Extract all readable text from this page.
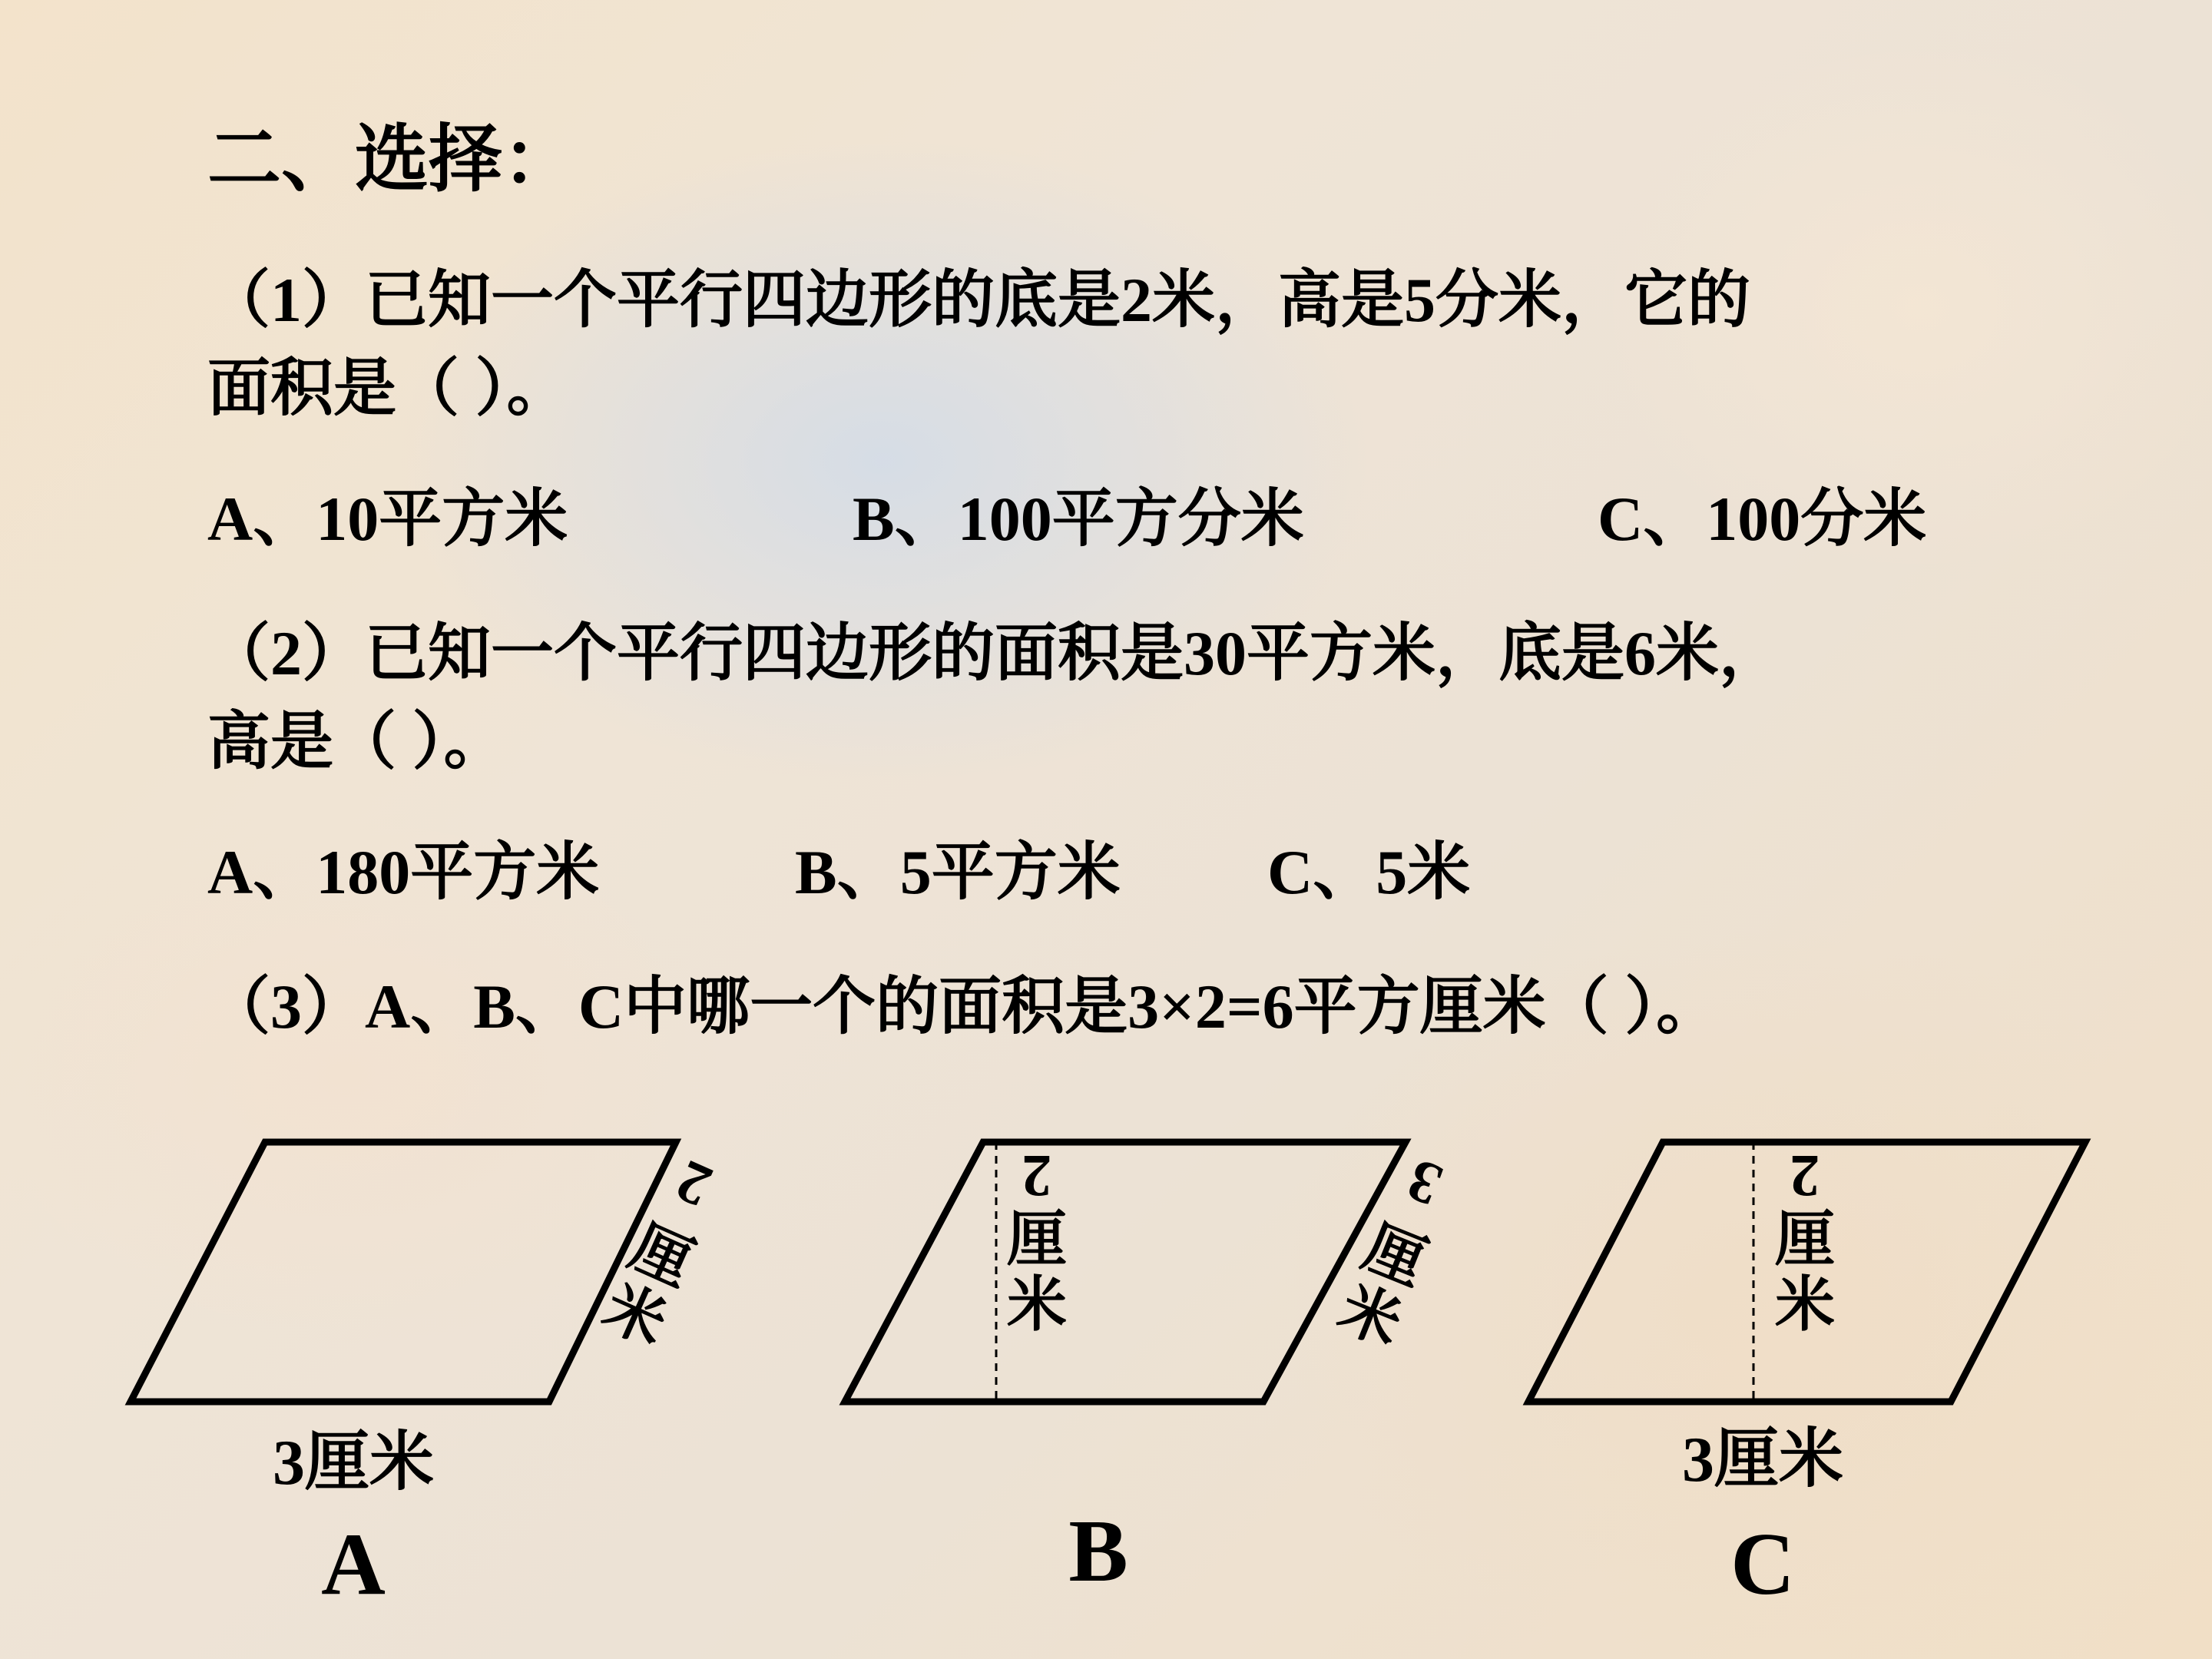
二、选择：
（1）已知一个平行四边形的底是2米，高是5分米，它的
面积是（ ）。
A、10平方米	B、100平方分米	C、100分米
（2）已知一个平行四边形的面积是30平方米，底是6米，
高是（ ）。
A、180平方米	B、5平方米 C、5米
（3）A、B、C中哪一个的面积是3×2=6平方厘米（ ）。
2
厘
米
3厘米
A
2
厘
米
3
厘
米
B
2
厘
米
3厘米
C
